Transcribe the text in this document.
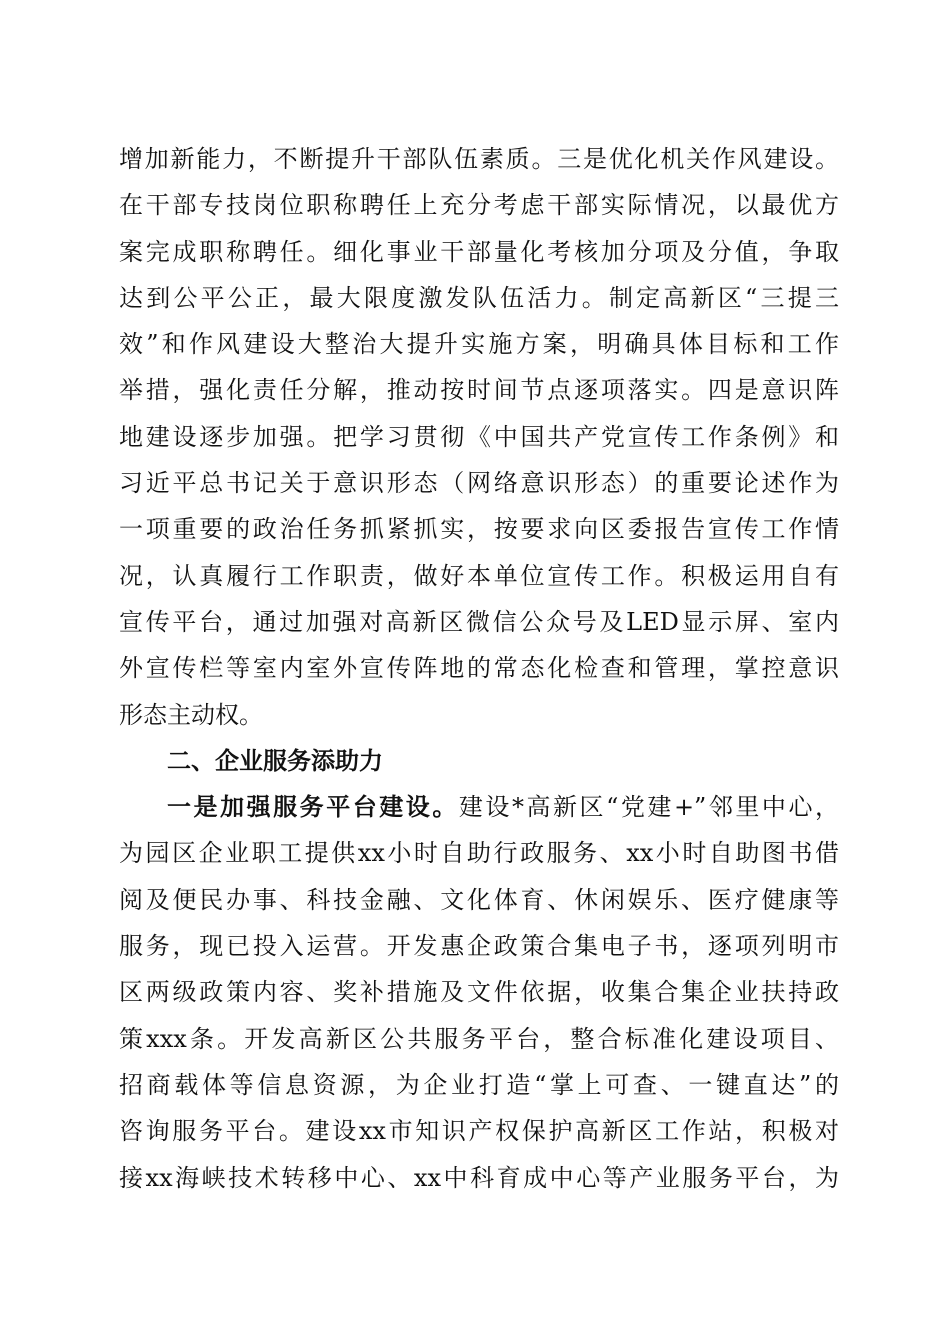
增加新能力，不断提升干部队伍素质。三是优化机关作风建设。
在干部专技岗位职称聘任上充分考虑干部实际情况，以最优方
案完成职称聘任。细化事业干部量化考核加分项及分值，争取
达到公平公正，最大限度激发队伍活力。制定高新区“三提三
效”和作风建设大整治大提升实施方案，明确具体目标和工作
举措，强化责任分解，推动按时间节点逐项落实。四是意识阵
地建设逐步加强。把学习贯彻《中国共产党宣传工作条例》和
习近平总书记关于意识形态（网络意识形态）的重要论述作为
一项重要的政治任务抓紧抓实，按要求向区委报告宣传工作情
况，认真履行工作职责，做好本单位宣传工作。积极运用自有
宣传平台，通过加强对高新区微信公众号及LED显示屏、室内
外宣传栏等室内室外宣传阵地的常态化检查和管理，掌控意识
形态主动权。
二、企业服务添助力
一是加强服务平台建设。建设*高新区“党建+”邻里中心，
为园区企业职工提供xx小时自助行政服务、xx小时自助图书借
阅及便民办事、科技金融、文化体育、休闲娱乐、医疗健康等
服务，现已投入运营。开发惠企政策合集电子书，逐项列明市
区两级政策内容、奖补措施及文件依据，收集合集企业扶持政
策xxx条。开发高新区公共服务平台，整合标准化建设项目、
招商载体等信息资源，为企业打造“掌上可查、一键直达”的
咨询服务平台。建设xx市知识产权保护高新区工作站，积极对
接xx海峡技术转移中心、xx中科育成中心等产业服务平台，为
